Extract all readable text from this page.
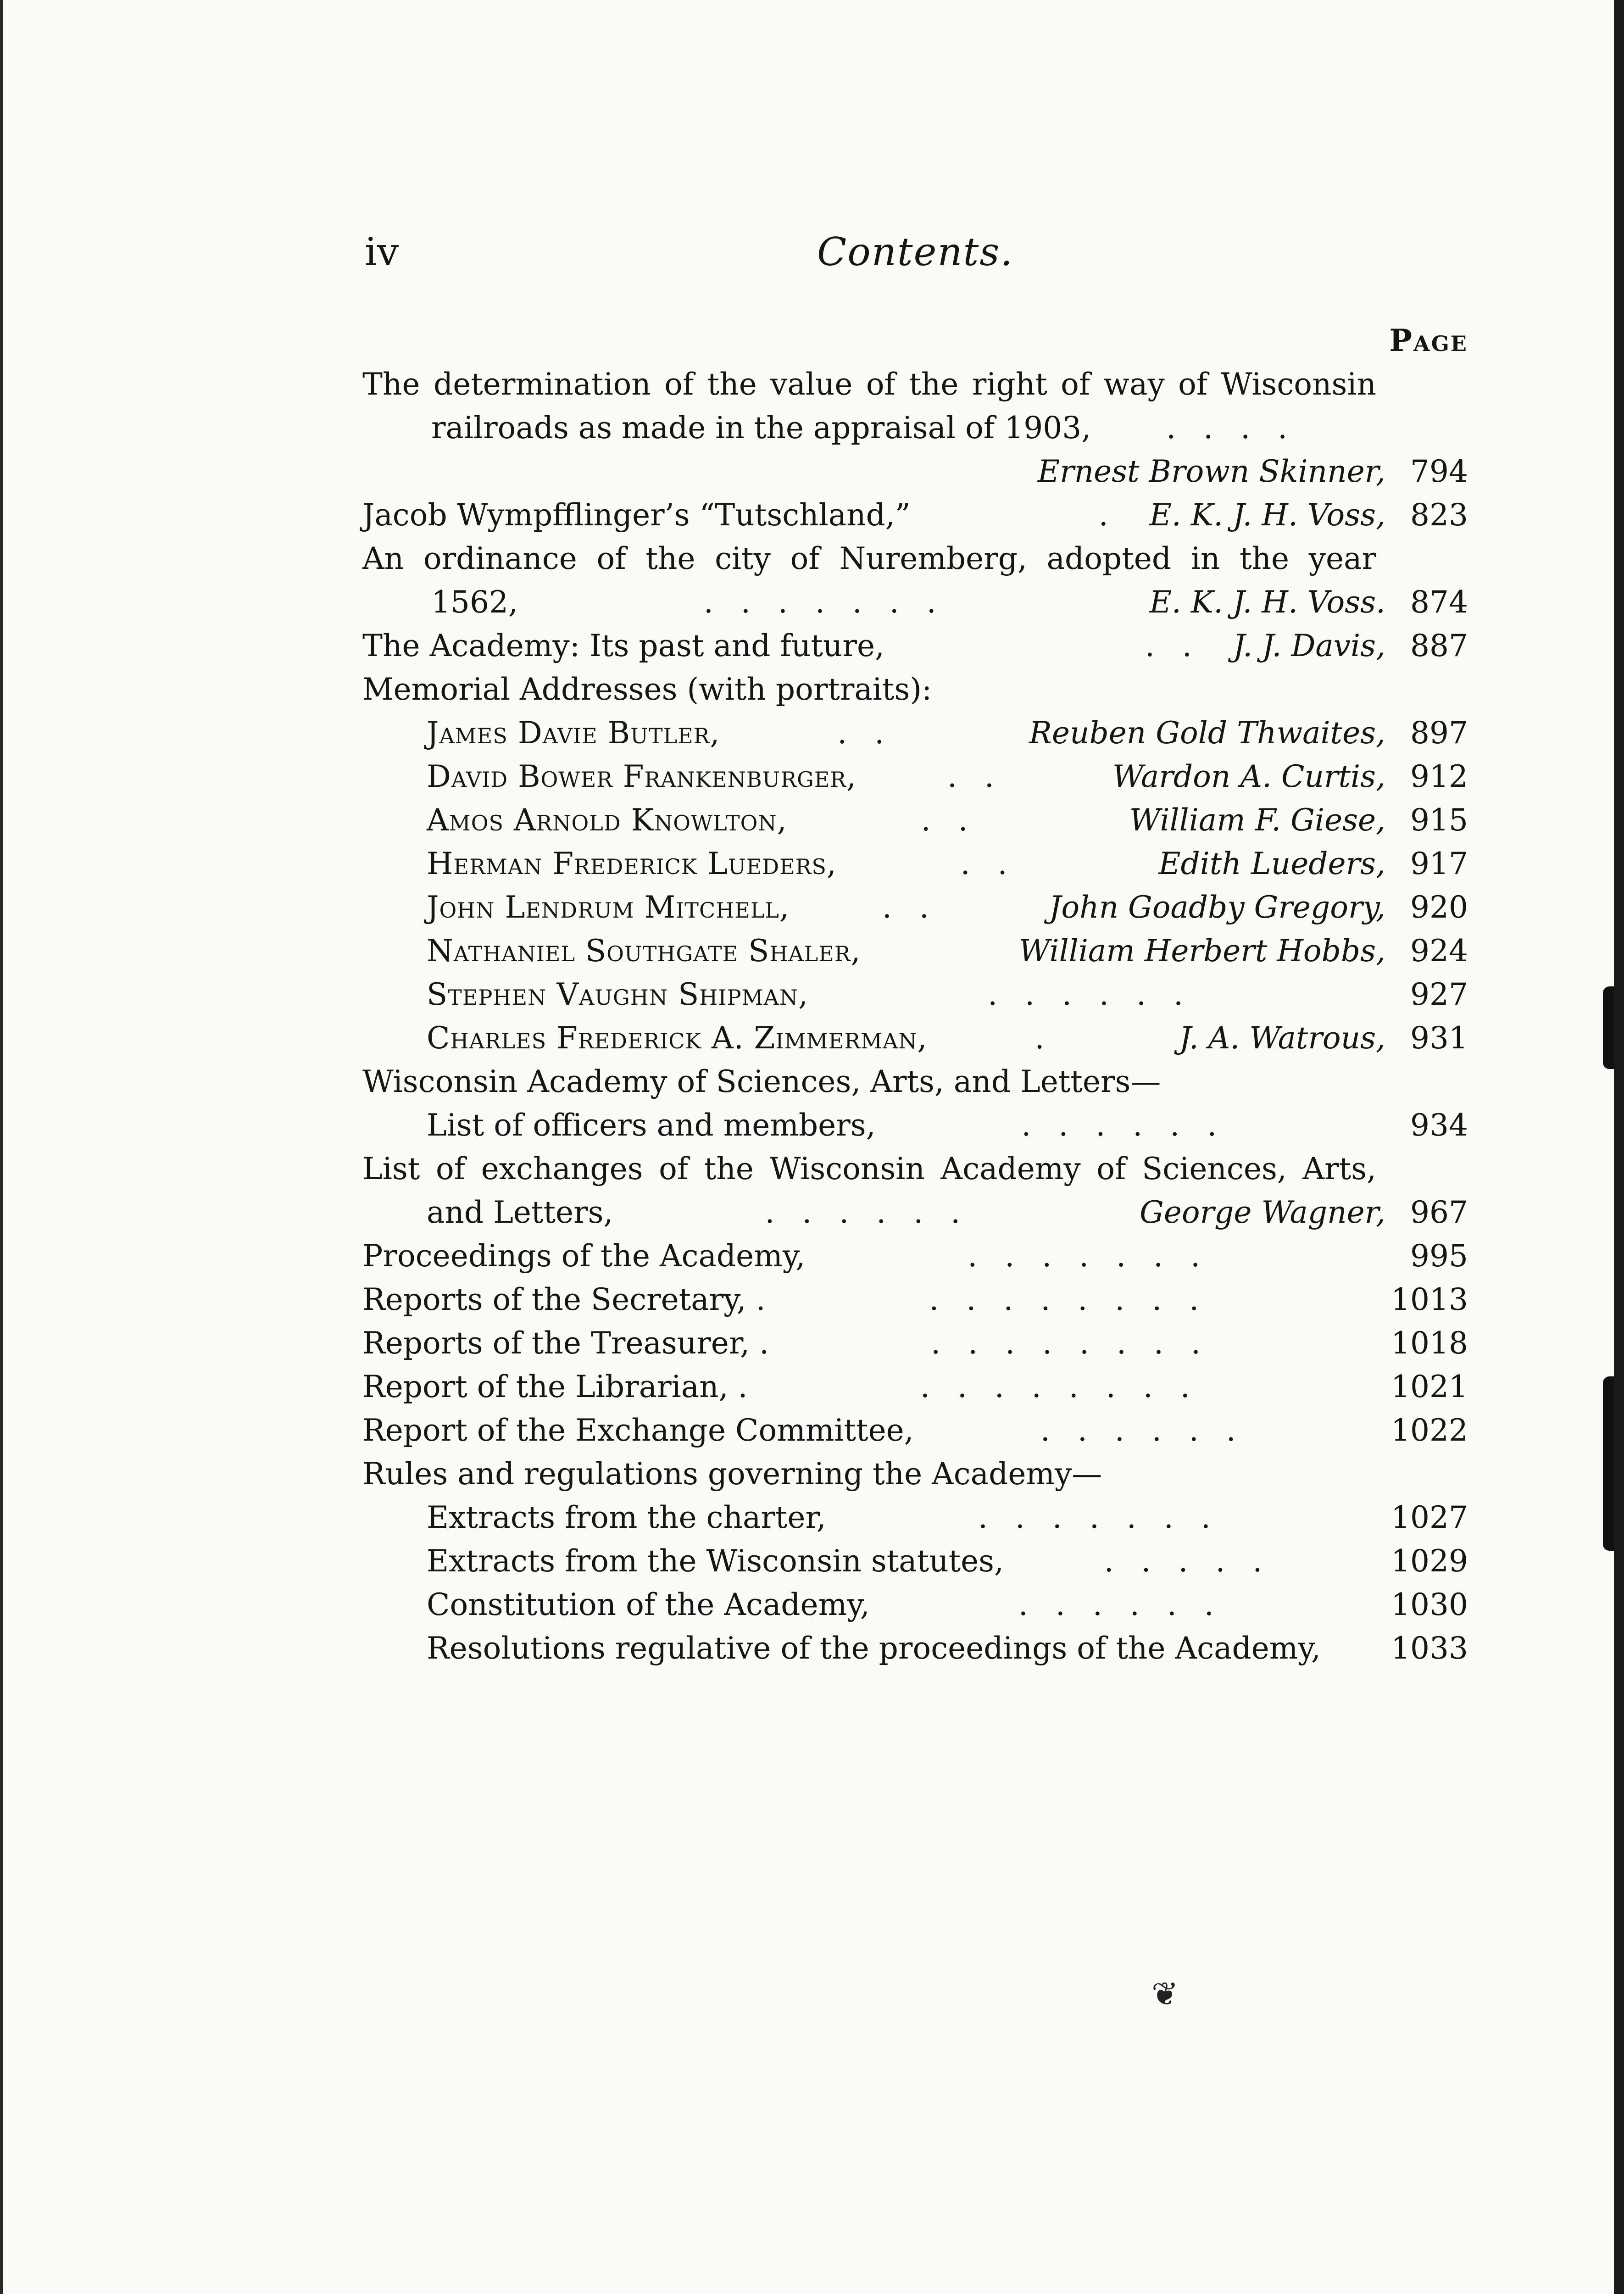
iv	Contents.
Page
The determination of the value of the right of way of Wisconsin
railroads as made in the appraisal of 1903,	....
Ernest Brown Skinner, 794
Jacob Wympfflinger’s “Tutschland,”	. E. K. J. H. Voss, 823
An ordinance of the city of Nuremberg, adopted in the year
1562,	.......	E. K. J. H. Voss. 874
The Academy: Its past and future,	.. J. J. Davis, 887
Memorial Addresses (with portraits):
James Davie Butler,	..	Reuben Gold Thwaites, 897
David Bower Frankenburger,	..	Wardon A. Curtis, 912
Amos Arnold Knowlton,	..	William F. Giese, 915
Herman Frederick Lueders,	..	Edith Lueders, 917
John Lendrum Mitchell,	..	John Goadby Gregory, 920
Nathaniel Southgate Shaler,	William Herbert Hobbs, 924
Stephen Vaughn Shipman,	......	927
Charles Frederick A. Zimmerman,	.	J. A. Watrous, 931
Wisconsin Academy of Sciences, Arts, and Letters—
List of officers and members,	......	934
List of exchanges of the Wisconsin Academy of Sciences, Arts,
and Letters,	......	George Wagner, 967
Proceedings of the Academy,	.......	995
Reports of the Secretary, .	........	1013
Reports of the Treasurer, .	........	1018
Report of the Librarian, .	........	1021
Report of the Exchange Committee,	......	1022
Rules and regulations governing the Academy—
Extracts from the charter,	.......	1027
Extracts from the Wisconsin statutes,	.....	1029
Constitution of the Academy,	......	1030
Resolutions regulative of the proceedings of the Academy, 1033
❦
